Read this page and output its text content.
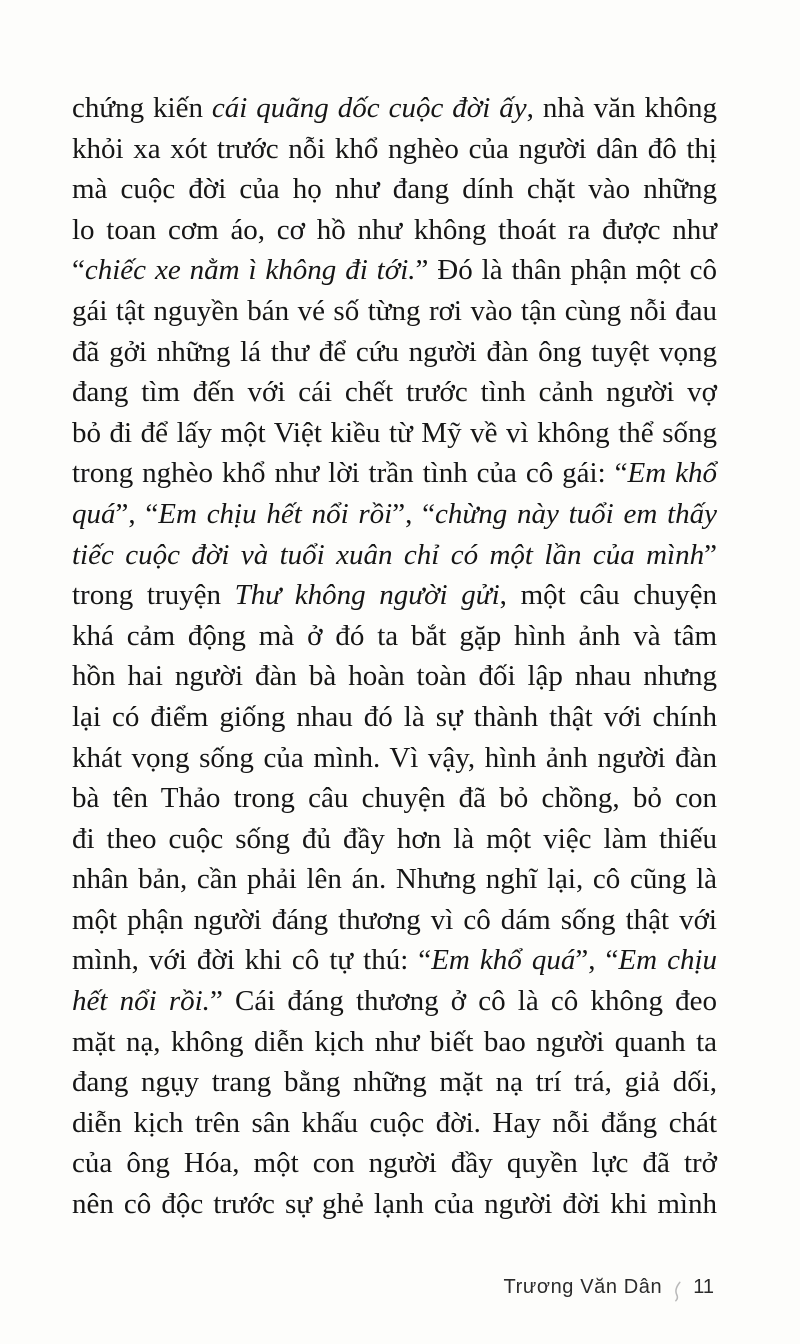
chứng kiến cái quãng dốc cuộc đời ấy, nhà văn không
khỏi xa xót trước nỗi khổ nghèo của người dân đô thị
mà cuộc đời của họ như đang dính chặt vào những
lo toan cơm áo, cơ hồ như không thoát ra được như
“chiếc xe nằm ì không đi tới.” Đó là thân phận một cô
gái tật nguyền bán vé số từng rơi vào tận cùng nỗi đau
đã gởi những lá thư để cứu người đàn ông tuyệt vọng
đang tìm đến với cái chết trước tình cảnh người vợ
bỏ đi để lấy một Việt kiều từ Mỹ về vì không thể sống
trong nghèo khổ như lời trần tình của cô gái: “Em khổ
quá”, “Em chịu hết nổi rồi”, “chừng này tuổi em thấy
tiếc cuộc đời và tuổi xuân chỉ có một lần của mình”
trong truyện Thư không người gửi, một câu chuyện
khá cảm động mà ở đó ta bắt gặp hình ảnh và tâm
hồn hai người đàn bà hoàn toàn đối lập nhau nhưng
lại có điểm giống nhau đó là sự thành thật với chính
khát vọng sống của mình. Vì vậy, hình ảnh người đàn
bà tên Thảo trong câu chuyện đã bỏ chồng, bỏ con
đi theo cuộc sống đủ đầy hơn là một việc làm thiếu
nhân bản, cần phải lên án. Nhưng nghĩ lại, cô cũng là
một phận người đáng thương vì cô dám sống thật với
mình, với đời khi cô tự thú: “Em khổ quá”, “Em chịu
hết nổi rồi.” Cái đáng thương ở cô là cô không đeo
mặt nạ, không diễn kịch như biết bao người quanh ta
đang ngụy trang bằng những mặt nạ trí trá, giả dối,
diễn kịch trên sân khấu cuộc đời. Hay nỗi đắng chát
của ông Hóa, một con người đầy quyền lực đã trở
nên cô độc trước sự ghẻ lạnh của người đời khi mình
Trương Văn Dân 11
